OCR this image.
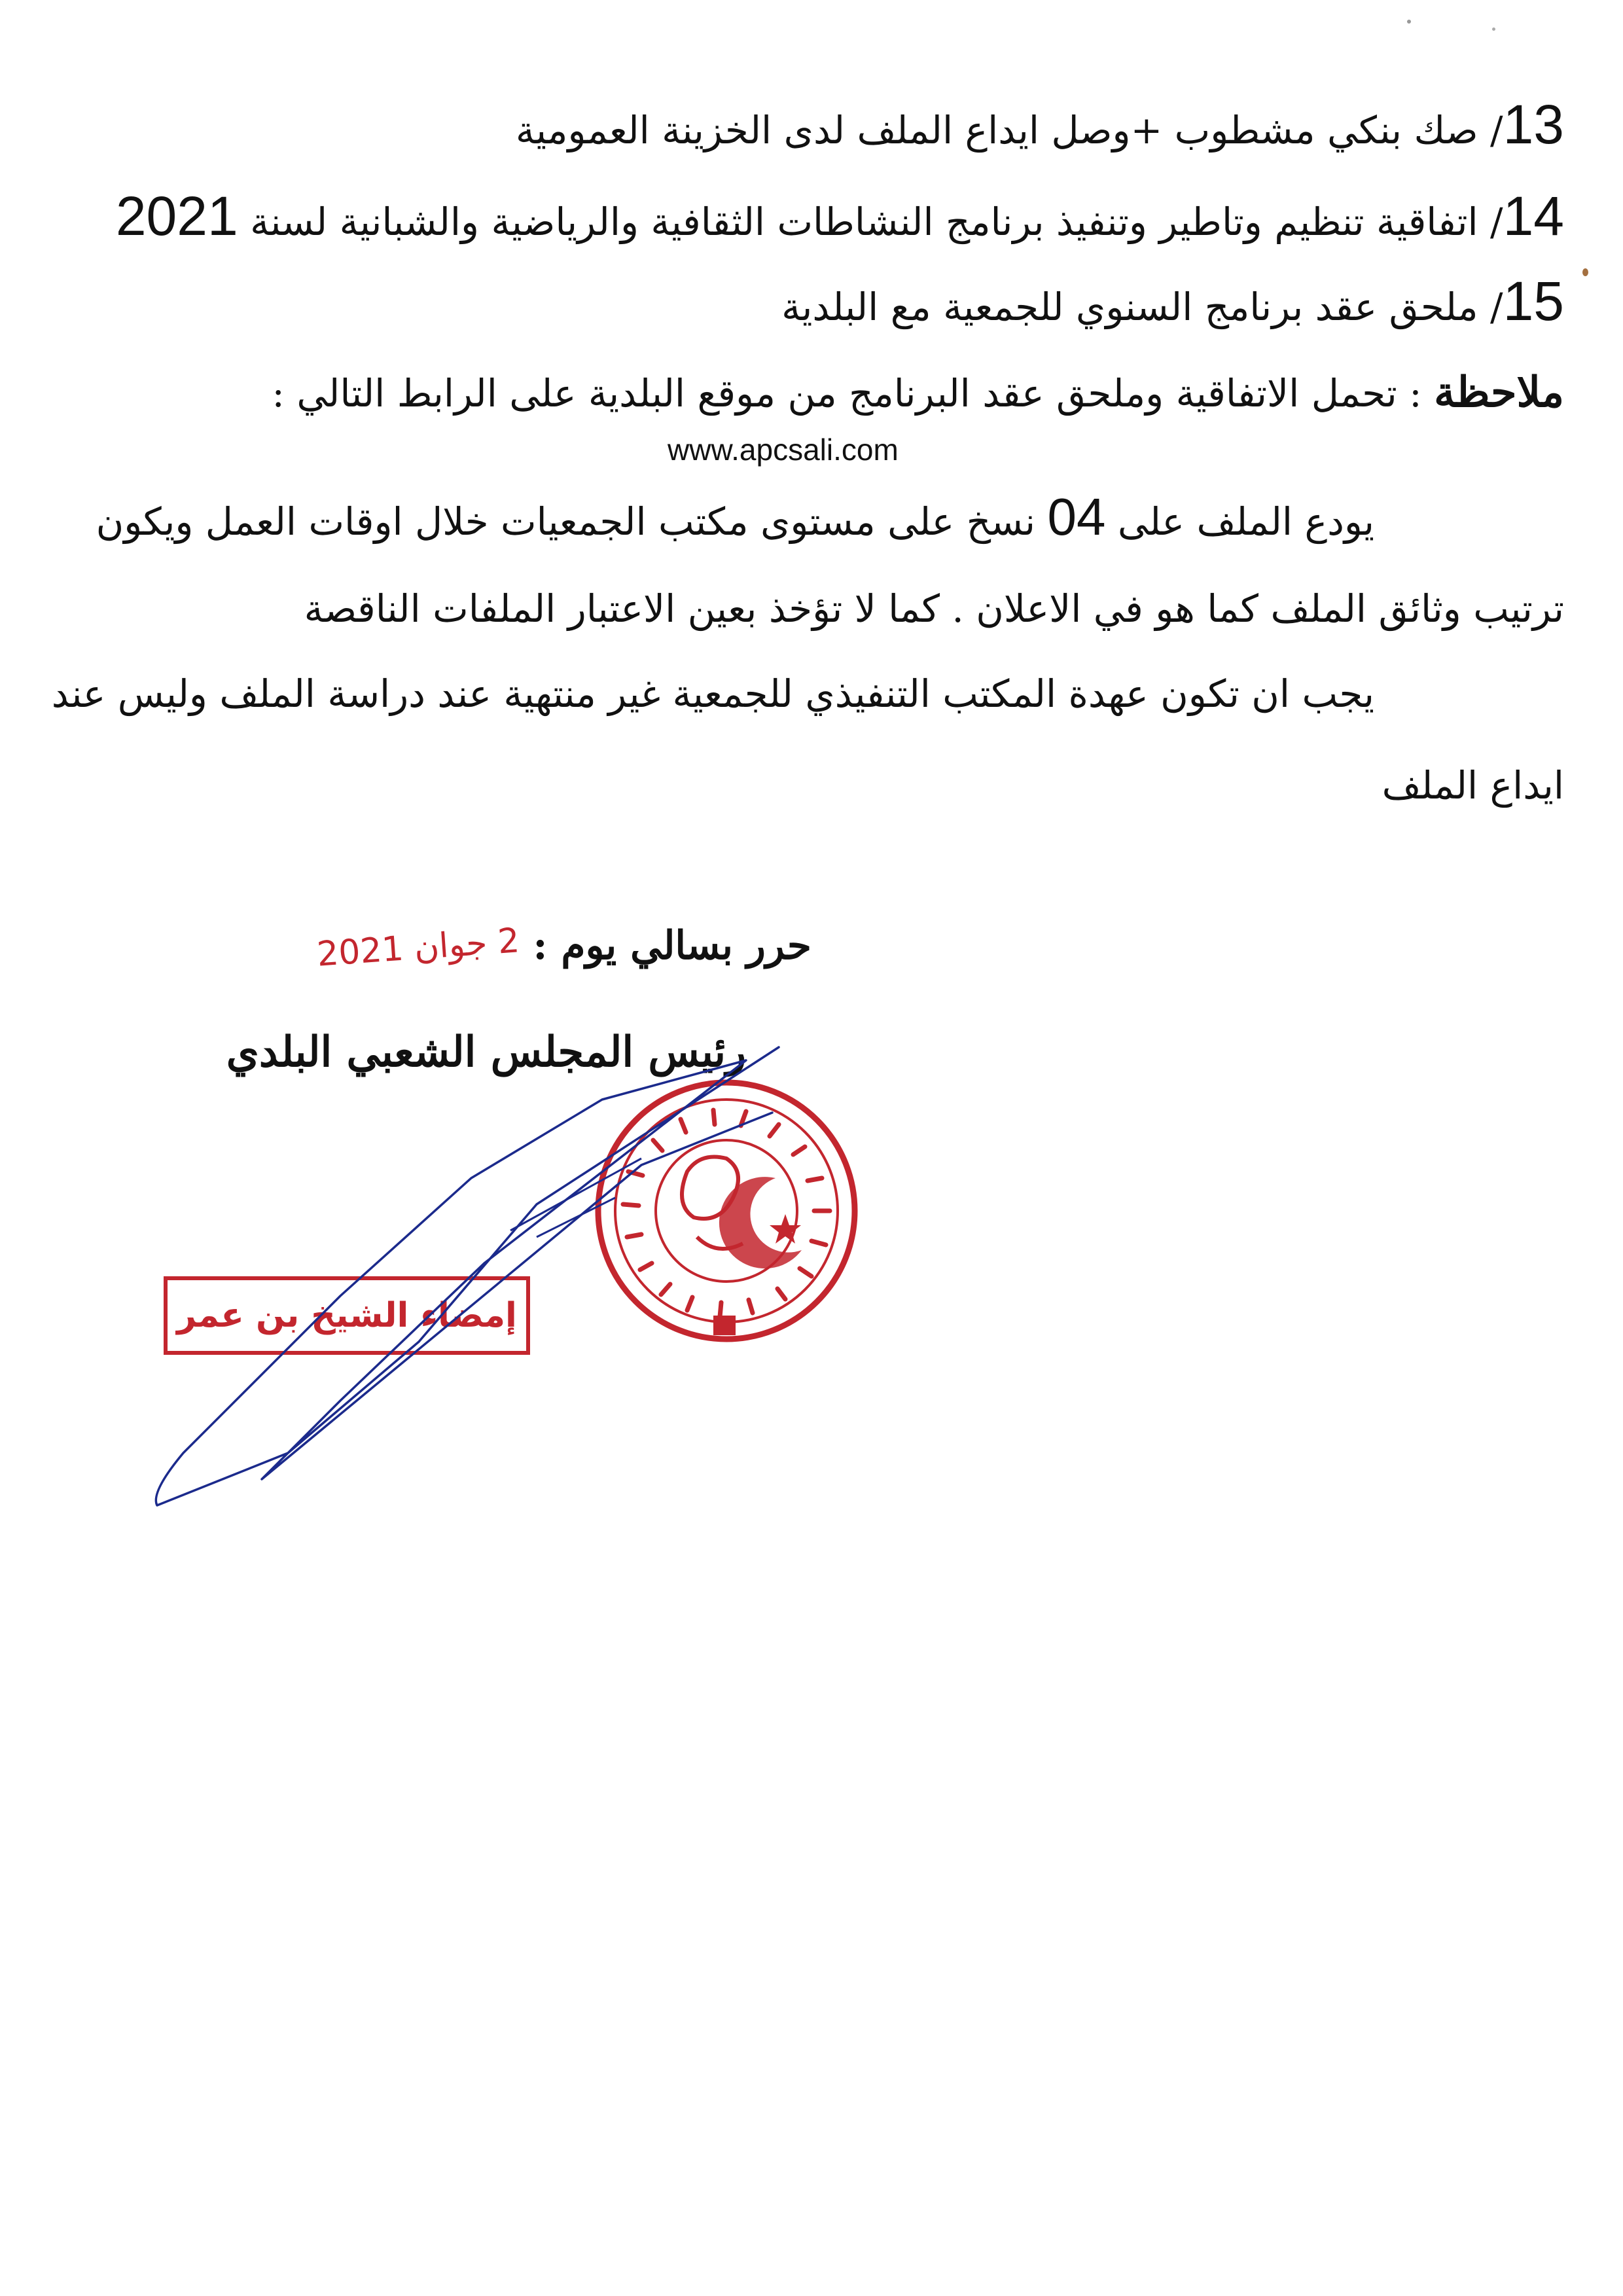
13/ صك بنكي مشطوب +وصل ايداع الملف لدى الخزينة العمومية
14/ اتفاقية تنظيم وتاطير وتنفيذ برنامج النشاطات الثقافية والرياضية والشبانية لسنة 2021
15/ ملحق عقد برنامج السنوي للجمعية مع البلدية
ملاحظة : تحمل الاتفاقية وملحق عقد البرنامج من موقع البلدية على الرابط التالي :
www.apcsali.com
يودع الملف على 04 نسخ على مستوى مكتب الجمعيات خلال اوقات العمل ويكون
ترتيب وثائق الملف كما هو في الاعلان . كما لا تؤخذ بعين الاعتبار الملفات الناقصة
يجب ان تكون عهدة المكتب التنفيذي للجمعية غير منتهية عند دراسة الملف وليس عند
ايداع الملف
حرر بسالي يوم :2 جوان 2021
رئيس المجلس الشعبي البلدي
إمضاء الشيخ بن عمر
